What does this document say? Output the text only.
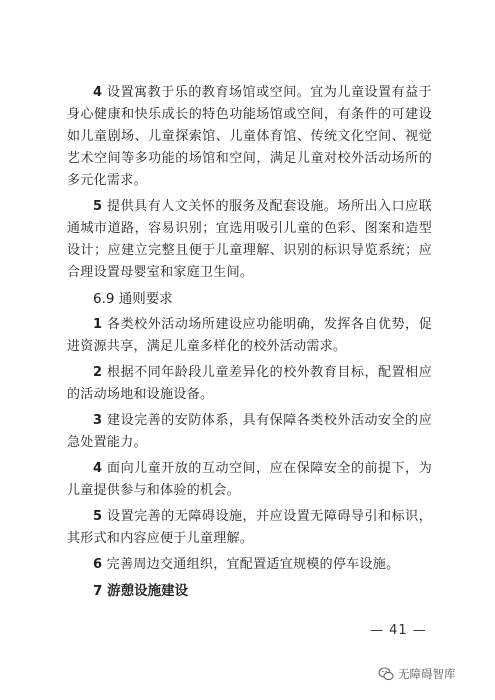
4 设置寓教于乐的教育场馆或空间。宜为儿童设置有益于身心健康和快乐成长的特色功能场馆或空间，有条件的可建设如儿童剧场、儿童探索馆、儿童体育馆、传统文化空间、视觉艺术空间等多功能的场馆和空间，满足儿童对校外活动场所的多元化需求。

5 提供具有人文关怀的服务及配套设施。场所出入口应联通城市道路，容易识别；宜选用吸引儿童的色彩、图案和造型设计；应建立完整且便于儿童理解、识别的标识导览系统；应合理设置母婴室和家庭卫生间。

6.9 通则要求

1 各类校外活动场所建设应功能明确，发挥各自优势，促进资源共享，满足儿童多样化的校外活动需求。

2 根据不同年龄段儿童差异化的校外教育目标，配置相应的活动场地和设施设备。

3 建设完善的安防体系，具有保障各类校外活动安全的应急处置能力。

4 面向儿童开放的互动空间，应在保障安全的前提下，为儿童提供参与和体验的机会。

5 设置完善的无障碍设施，并应设置无障碍导引和标识，其形式和内容应便于儿童理解。

6 完善周边交通组织，宜配置适宜规模的停车设施。

7 游憩设施建设
— 41 —
无障碍智库
